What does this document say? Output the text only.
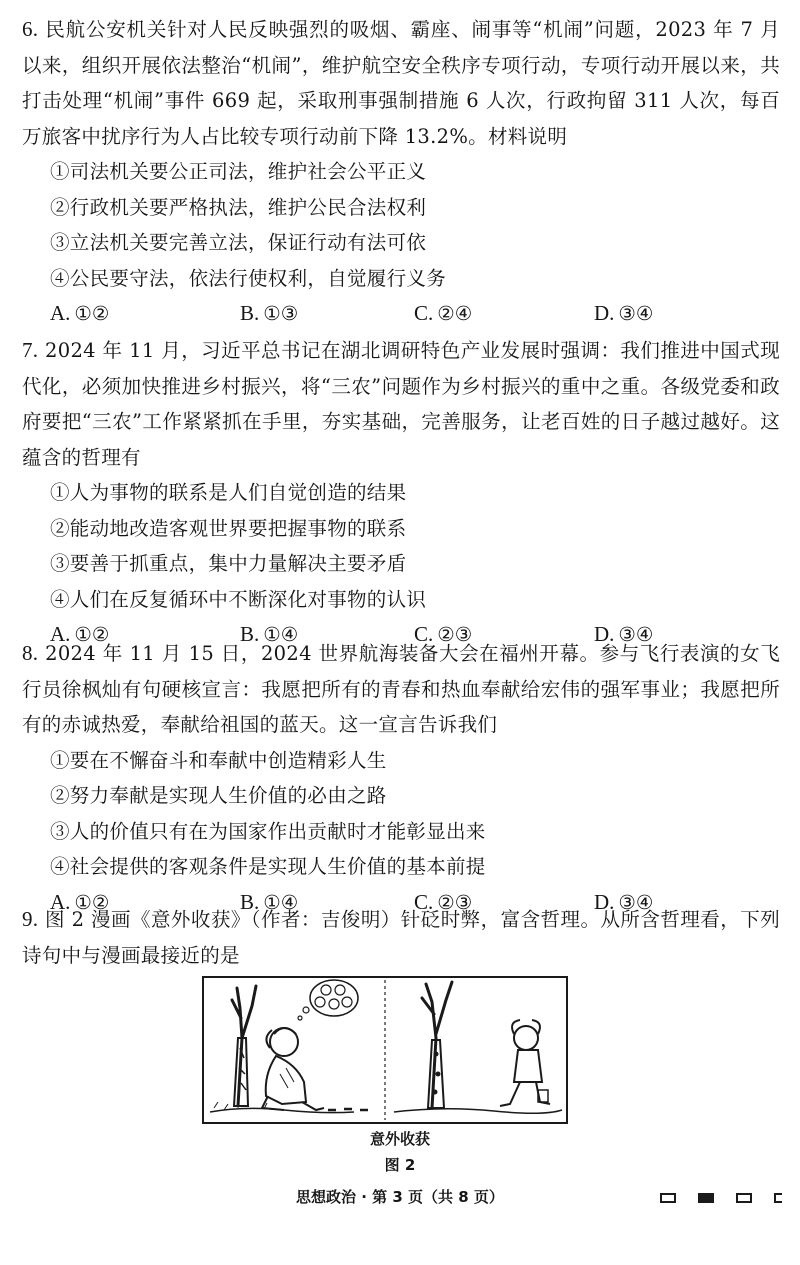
6. 民航公安机关针对人民反映强烈的吸烟、霸座、闹事等“机闹”问题，2023 年 7 月以来，组织开展依法整治“机闹”，维护航空安全秩序专项行动，专项行动开展以来，共打击处理“机闹”事件 669 起，采取刑事强制措施 6 人次，行政拘留 311 人次，每百万旅客中扰序行为人占比较专项行动前下降 13.2%。材料说明
①司法机关要公正司法，维护社会公平正义
②行政机关要严格执法，维护公民合法权利
③立法机关要完善立法，保证行动有法可依
④公民要守法，依法行使权利，自觉履行义务
A. ①②	B. ①③	C. ②④	D. ③④
7. 2024 年 11 月，习近平总书记在湖北调研特色产业发展时强调：我们推进中国式现代化，必须加快推进乡村振兴，将“三农”问题作为乡村振兴的重中之重。各级党委和政府要把“三农”工作紧紧抓在手里，夯实基础，完善服务，让老百姓的日子越过越好。这蕴含的哲理有
①人为事物的联系是人们自觉创造的结果
②能动地改造客观世界要把握事物的联系
③要善于抓重点，集中力量解决主要矛盾
④人们在反复循环中不断深化对事物的认识
A. ①②	B. ①④	C. ②③	D. ③④
8. 2024 年 11 月 15 日，2024 世界航海装备大会在福州开幕。参与飞行表演的女飞行员徐枫灿有句硬核宣言：我愿把所有的青春和热血奉献给宏伟的强军事业；我愿把所有的赤诚热爱，奉献给祖国的蓝天。这一宣言告诉我们
①要在不懈奋斗和奉献中创造精彩人生
②努力奉献是实现人生价值的必由之路
③人的价值只有在为国家作出贡献时才能彰显出来
④社会提供的客观条件是实现人生价值的基本前提
A. ①②	B. ①④	C. ②③	D. ③④
9. 图 2 漫画《意外收获》（作者：吉俊明）针砭时弊，富含哲理。从所含哲理看，下列诗句中与漫画最接近的是
意外收获
图 2
思想政治 · 第 3 页（共 8 页）
